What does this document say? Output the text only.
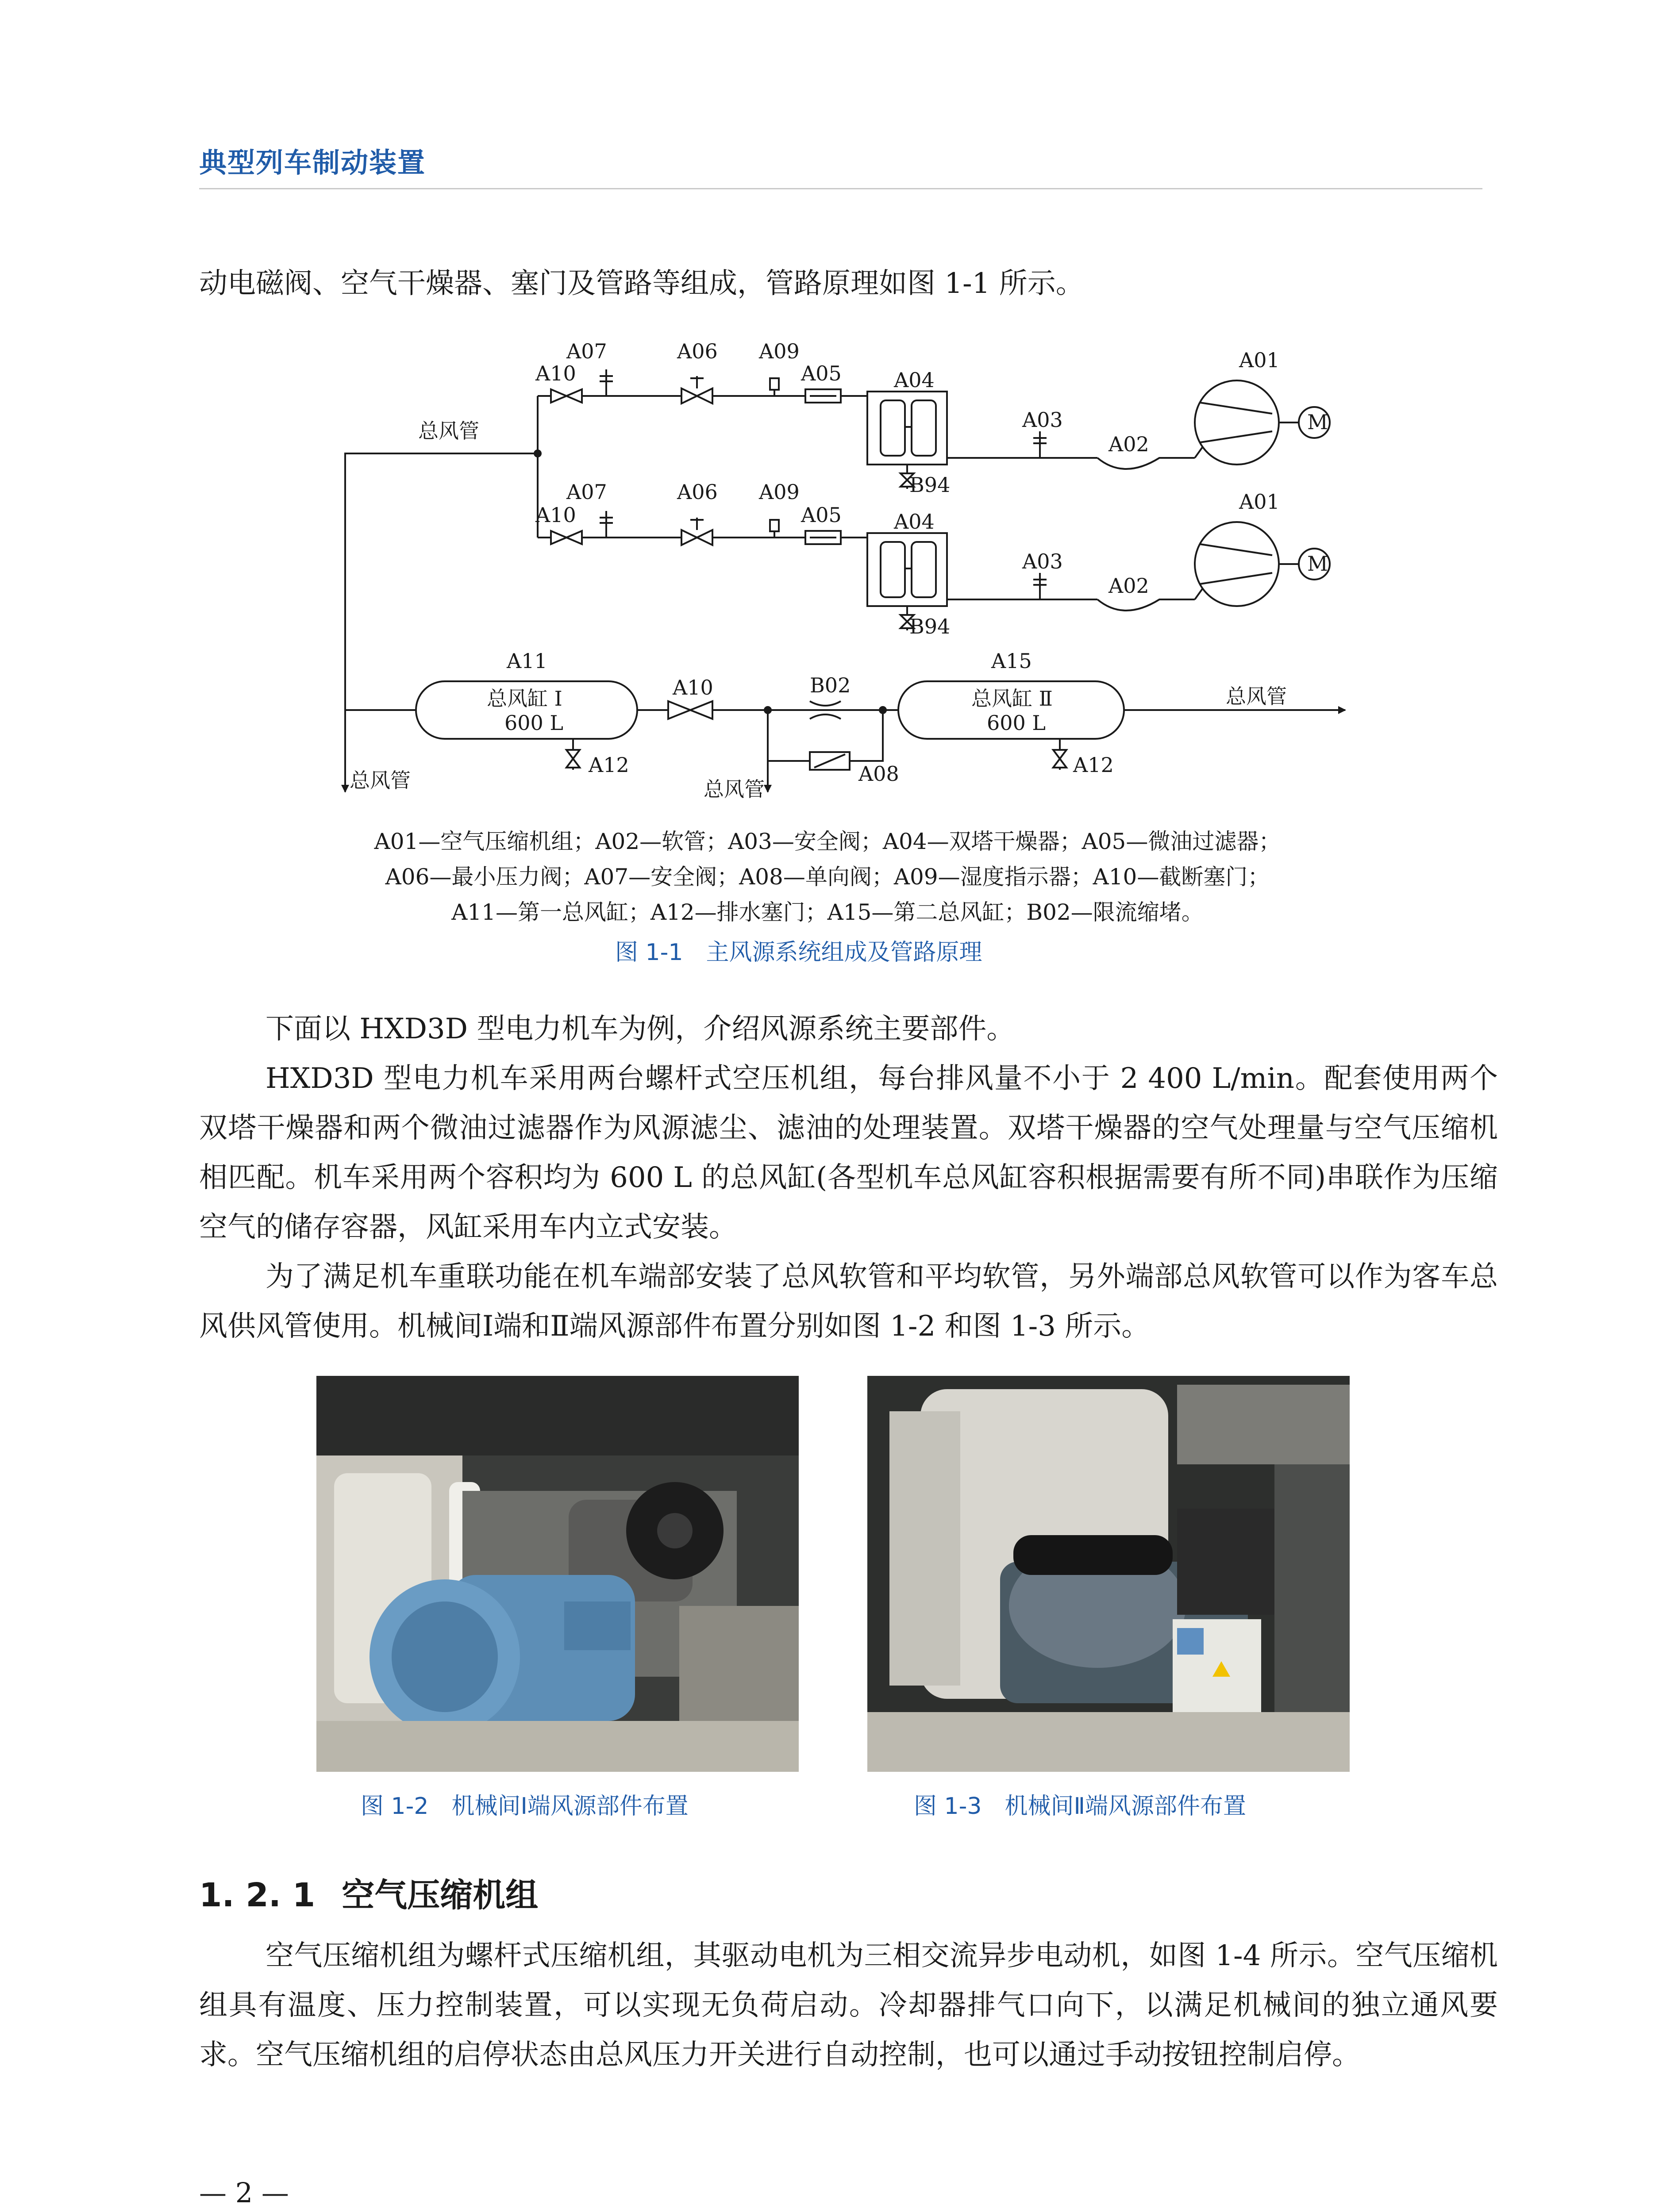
典型列车制动装置
动电磁阀、空气干燥器、塞门及管路等组成，管路原理如图 1-1 所示。
A07
A10
A06 A09
A05	A04
A03
A02
A01
M
B94
总风管
A07
A10
A06 A09
A05	A04
A03
A02
A01
M
B94
A11
总风缸 Ⅰ
600 L
A10	B02
A15
总风缸 Ⅱ
600 L
总风管
A12	A08	A12
总风管	总风管
A01—空气压缩机组；A02—软管；A03—安全阀；A04—双塔干燥器；A05—微油过滤器；
A06—最小压力阀；A07—安全阀；A08—单向阀；A09—湿度指示器；A10—截断塞门；
A11—第一总风缸；A12—排水塞门；A15—第二总风缸；B02—限流缩堵。
图 1-1　主风源系统组成及管路原理
下面以 HXD3D 型电力机车为例，介绍风源系统主要部件。
HXD3D 型电力机车采用两台螺杆式空压机组，每台排风量不小于 2 400 L/min。配套使用两个双塔干燥器和两个微油过滤器作为风源滤尘、滤油的处理装置。双塔干燥器的空气处理量与空气压缩机相匹配。机车采用两个容积均为 600 L 的总风缸(各型机车总风缸容积根据需要有所不同)串联作为压缩空气的储存容器，风缸采用车内立式安装。
为了满足机车重联功能在机车端部安装了总风软管和平均软管，另外端部总风软管可以作为客车总风供风管使用。机械间Ⅰ端和Ⅱ端风源部件布置分别如图 1-2 和图 1-3 所示。
图 1-2　机械间Ⅰ端风源部件布置	图 1-3　机械间Ⅱ端风源部件布置
1. 2. 1 空气压缩机组
空气压缩机组为螺杆式压缩机组，其驱动电机为三相交流异步电动机，如图 1-4 所示。空气压缩机组具有温度、压力控制装置，可以实现无负荷启动。冷却器排气口向下，以满足机械间的独立通风要求。空气压缩机组的启停状态由总风压力开关进行自动控制，也可以通过手动按钮控制启停。
— 2 —
